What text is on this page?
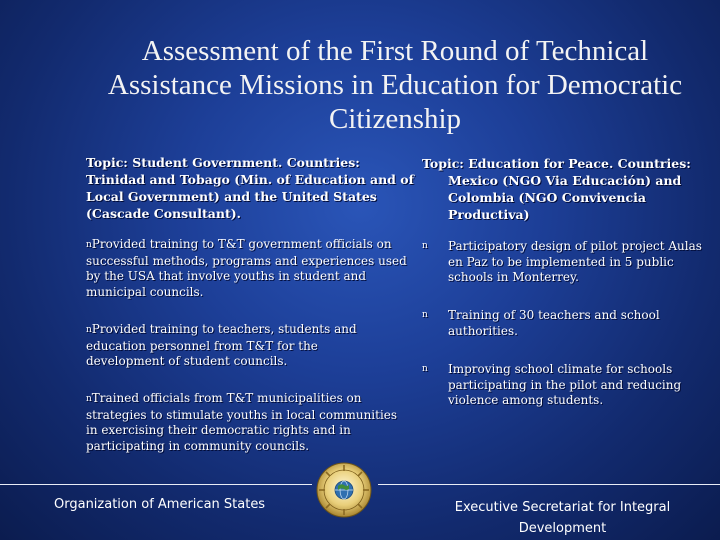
Assessment of the First Round of Technical
Assistance Missions in Education for Democratic
Citizenship
Topic: Student Government. Countries:
Trinidad and Tobago (Min. of Education and of
Local Government) and the United States
(Cascade Consultant).
nProvided training to T&T government officials on successful methods, programs and experiences used by the USA that involve youths in student and municipal councils.
nProvided training to teachers, students and education personnel from T&T for the development of student councils.
nTrained officials from T&T municipalities on strategies to stimulate youths in local communities in exercising their democratic rights and in participating in community councils.
Topic: Education for Peace. Countries:
Mexico (NGO Via Educación) and
Colombia (NGO Convivencia
Productiva)
n Participatory design of pilot project Aulas en Paz to be implemented in 5 public schools in Monterrey.
n Training of 30 teachers and school authorities.
n Improving school climate for schools participating in the pilot and reducing violence among students.
Organization of American States	Executive Secretariat for Integral
Development
